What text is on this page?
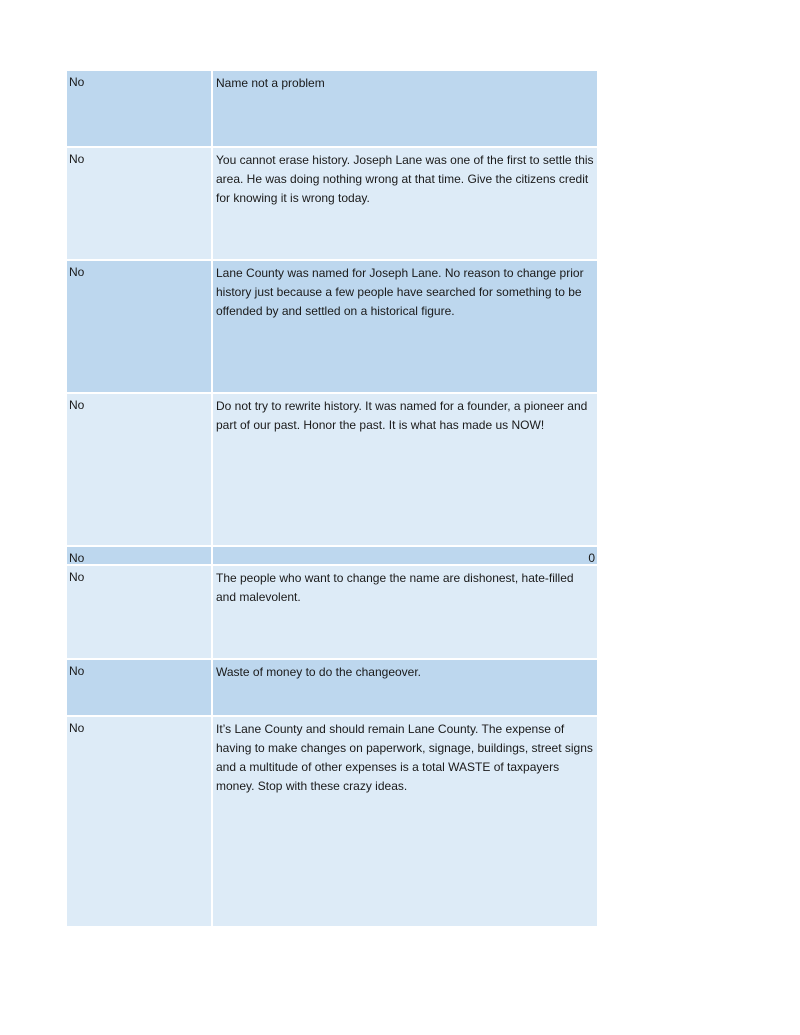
No	Name not a problem
No	You cannot erase history. Joseph Lane was one of the first to settle this area. He was doing nothing wrong at that time. Give the citizens credit for knowing it is wrong today.
No	Lane County was named for Joseph Lane. No reason to change prior history just because a few people have searched for something to be offended by and settled on a historical figure.
No	Do not try to rewrite history. It was named for a founder, a pioneer and part of our past. Honor the past. It is what has made us NOW!
No	0
No	The people who want to change the name are dishonest, hate-filled and malevolent.
No	Waste of money to do the changeover.
No	It’s Lane County and should remain Lane County. The expense of having to make changes on paperwork, signage, buildings, street signs and a multitude of other expenses is a total WASTE of taxpayers money. Stop with these crazy ideas.
